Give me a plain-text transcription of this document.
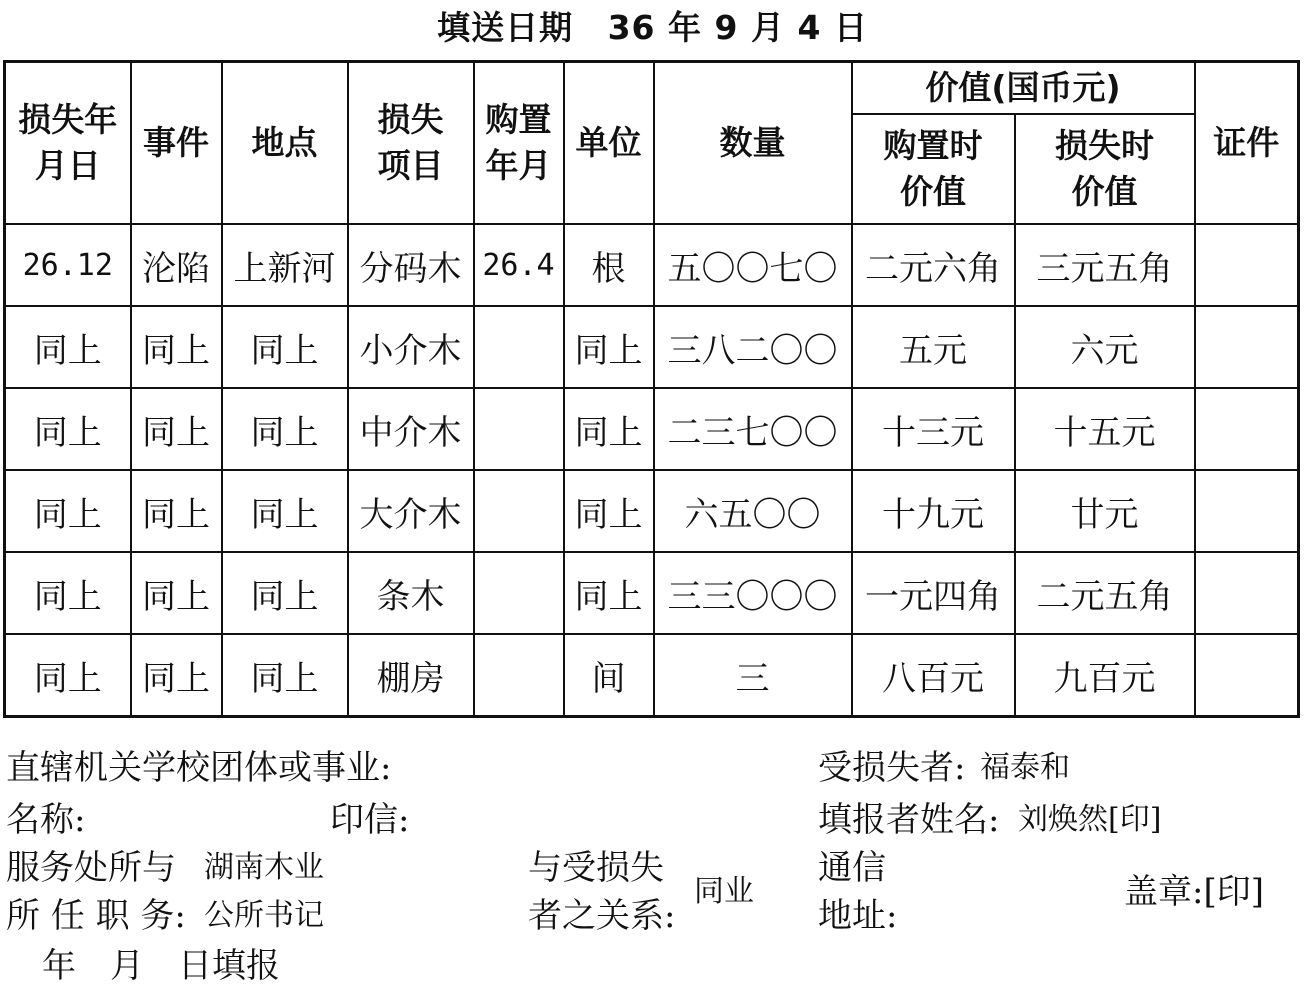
填送日期 36 年 9 月 4 日
损失年月日	事件	地点	损失项目	购置年月	单位	数量	价值(国币元)		证件
							购置时价值	损失时价值	
26.12	沦陷	上新河	分码木	26.4	根	五〇〇七〇	二元六角	三元五角	
同上	同上	同上	小介木		同上	三八二〇〇	五元	六元	
同上	同上	同上	中介木		同上	二三七〇〇	十三元	十五元	
同上	同上	同上	大介木		同上	六五〇〇	十九元	廿元	
同上	同上	同上	条木		同上	三三〇〇〇	一元四角	二元五角	
同上	同上	同上	棚房		间	三	八百元	九百元	
直辖机关学校团体或事业:
名称:	印信:
服务处所与 湖南木业
所 任 职 务: 公所书记
与受损失
者之关系:
同业
受损失者: 福泰和
填报者姓名: 刘焕然[印]
通信
地址:
盖章:[印]
年　月　日填报
